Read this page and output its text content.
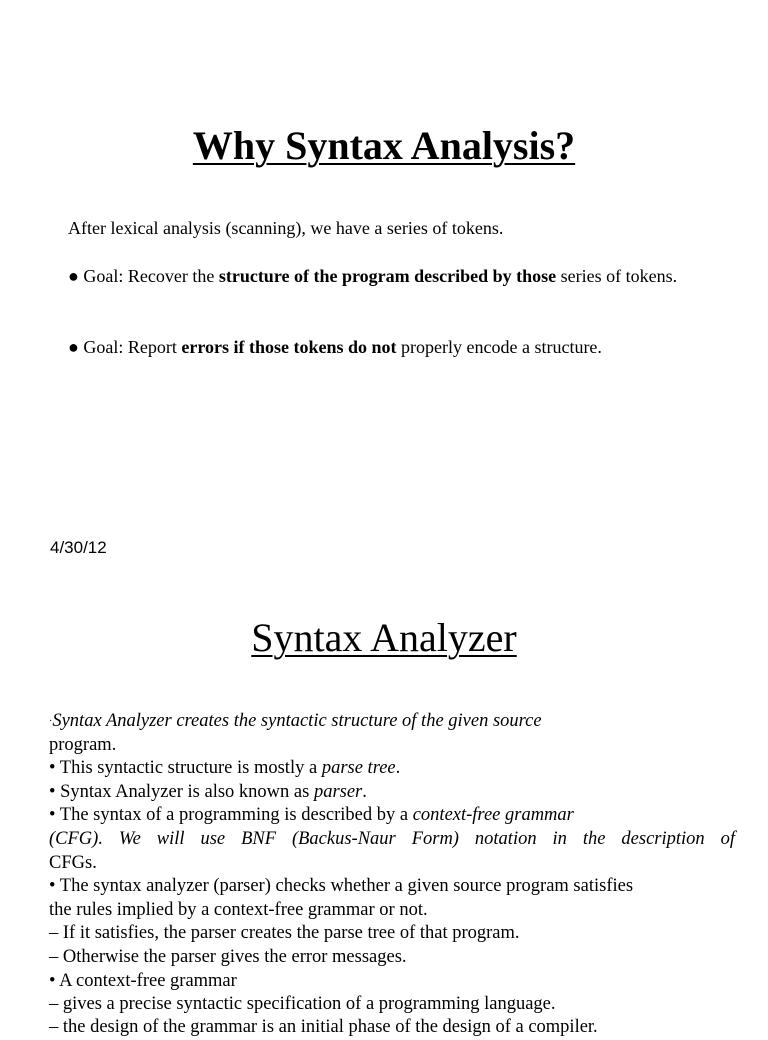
Why Syntax Analysis?

After lexical analysis (scanning), we have a series of tokens.

● Goal: Recover the structure of the program described by those series of tokens.

● Goal: Report errors if those tokens do not properly encode a structure.

4/30/12

Syntax Analyzer
·Syntax Analyzer creates the syntactic structure of the given source
program.
• This syntactic structure is mostly a parse tree.
• Syntax Analyzer is also known as parser.
• The syntax of a programming is described by a context-free grammar
(CFG). We will use BNF (Backus-Naur Form) notation in the description of
CFGs.
• The syntax analyzer (parser) checks whether a given source program satisfies
the rules implied by a context-free grammar or not.
– If it satisfies, the parser creates the parse tree of that program.
– Otherwise the parser gives the error messages.
• A context-free grammar
– gives a precise syntactic specification of a programming language.

– the design of the grammar is an initial phase of the design of a compiler.
